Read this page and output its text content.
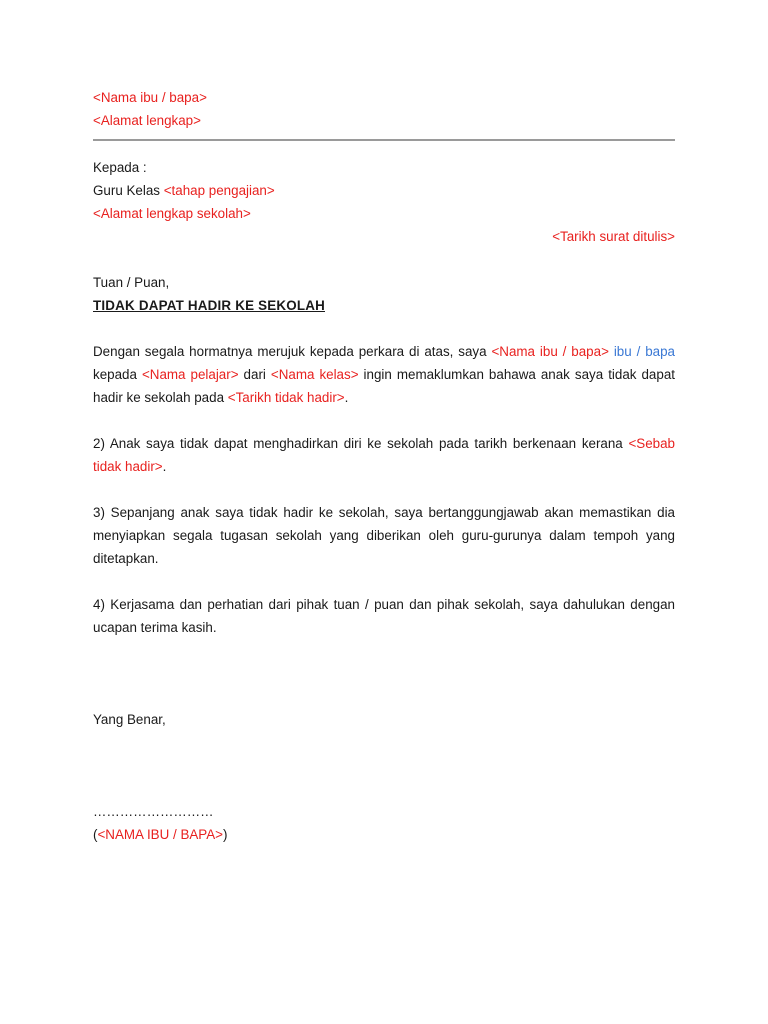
<Nama ibu / bapa>
<Alamat lengkap>
Kepada :
Guru Kelas <tahap pengajian>
<Alamat lengkap sekolah>
<Tarikh surat ditulis>
Tuan / Puan,
TIDAK DAPAT HADIR KE SEKOLAH
Dengan segala hormatnya merujuk kepada perkara di atas, saya <Nama ibu / bapa> ibu / bapa kepada <Nama pelajar> dari <Nama kelas> ingin memaklumkan bahawa anak saya tidak dapat hadir ke sekolah pada <Tarikh tidak hadir>.
2) Anak saya tidak dapat menghadirkan diri ke sekolah pada tarikh berkenaan kerana <Sebab tidak hadir>.
3) Sepanjang anak saya tidak hadir ke sekolah, saya bertanggungjawab akan memastikan dia menyiapkan segala tugasan sekolah yang diberikan oleh guru-gurunya dalam tempoh yang ditetapkan.
4) Kerjasama dan perhatian dari pihak tuan / puan dan pihak sekolah, saya dahulukan dengan ucapan terima kasih.
Yang Benar,
………………………
(<NAMA IBU / BAPA>)
